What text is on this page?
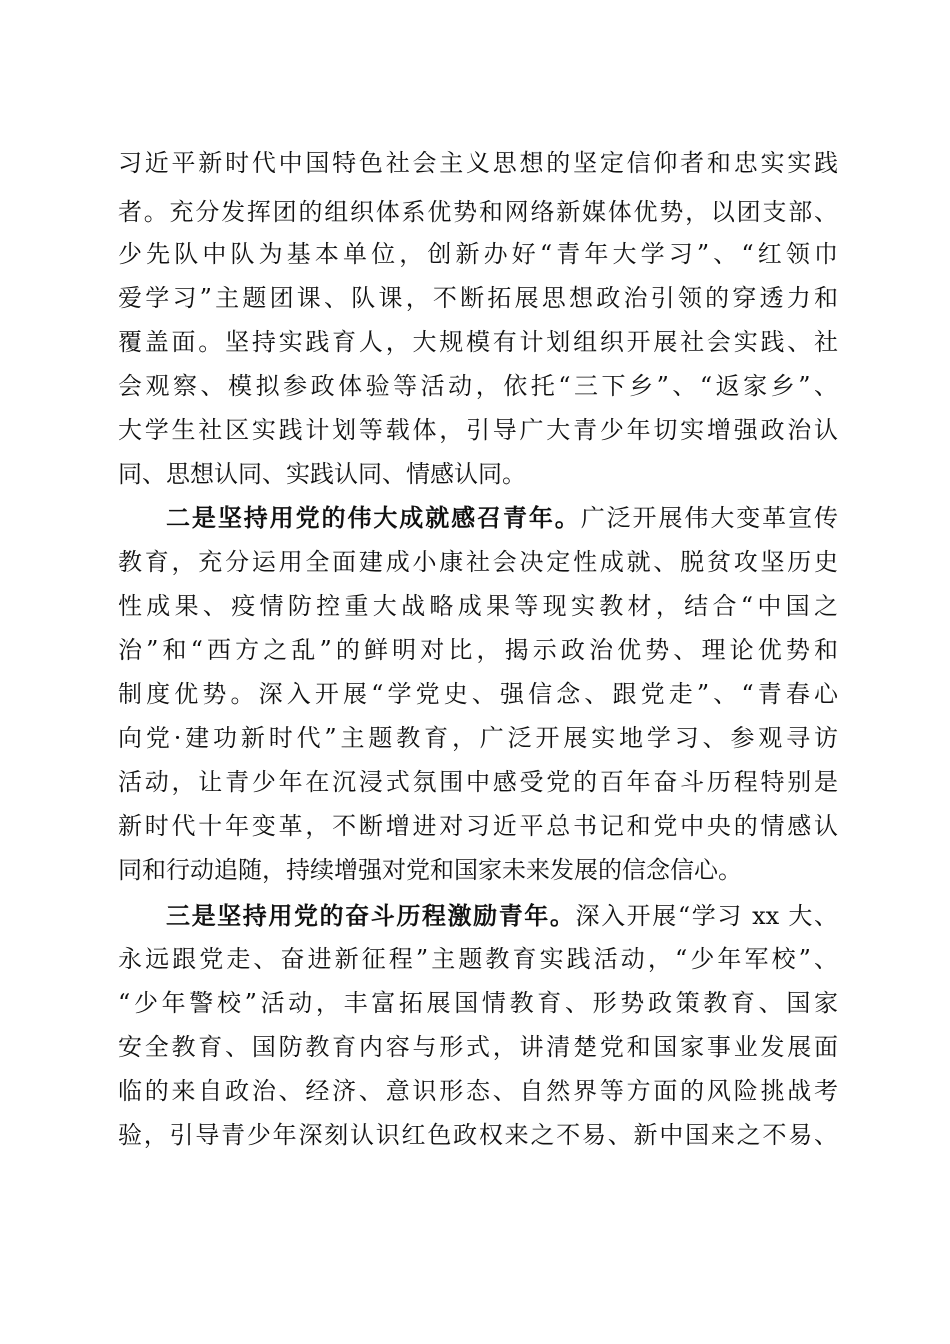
习近平新时代中国特色社会主义思想的坚定信仰者和忠实实践

者。充分发挥团的组织体系优势和网络新媒体优势，以团支部、

少先队中队为基本单位，创新办好“青年大学习”、“红领巾

爱学习”主题团课、队课，不断拓展思想政治引领的穿透力和

覆盖面。坚持实践育人，大规模有计划组织开展社会实践、社

会观察、模拟参政体验等活动，依托“三下乡”、“返家乡”、

大学生社区实践计划等载体，引导广大青少年切实增强政治认

同、思想认同、实践认同、情感认同。

二是坚持用党的伟大成就感召青年。广泛开展伟大变革宣传

教育，充分运用全面建成小康社会决定性成就、脱贫攻坚历史

性成果、疫情防控重大战略成果等现实教材，结合“中国之

治”和“西方之乱”的鲜明对比，揭示政治优势、理论优势和

制度优势。深入开展“学党史、强信念、跟党走”、“青春心

向党·建功新时代”主题教育，广泛开展实地学习、参观寻访

活动，让青少年在沉浸式氛围中感受党的百年奋斗历程特别是

新时代十年变革，不断增进对习近平总书记和党中央的情感认

同和行动追随，持续增强对党和国家未来发展的信念信心。

三是坚持用党的奋斗历程激励青年。深入开展“学习 xx 大、

永远跟党走、奋进新征程”主题教育实践活动，“少年军校”、

“少年警校”活动，丰富拓展国情教育、形势政策教育、国家

安全教育、国防教育内容与形式，讲清楚党和国家事业发展面

临的来自政治、经济、意识形态、自然界等方面的风险挑战考

验，引导青少年深刻认识红色政权来之不易、新中国来之不易、
